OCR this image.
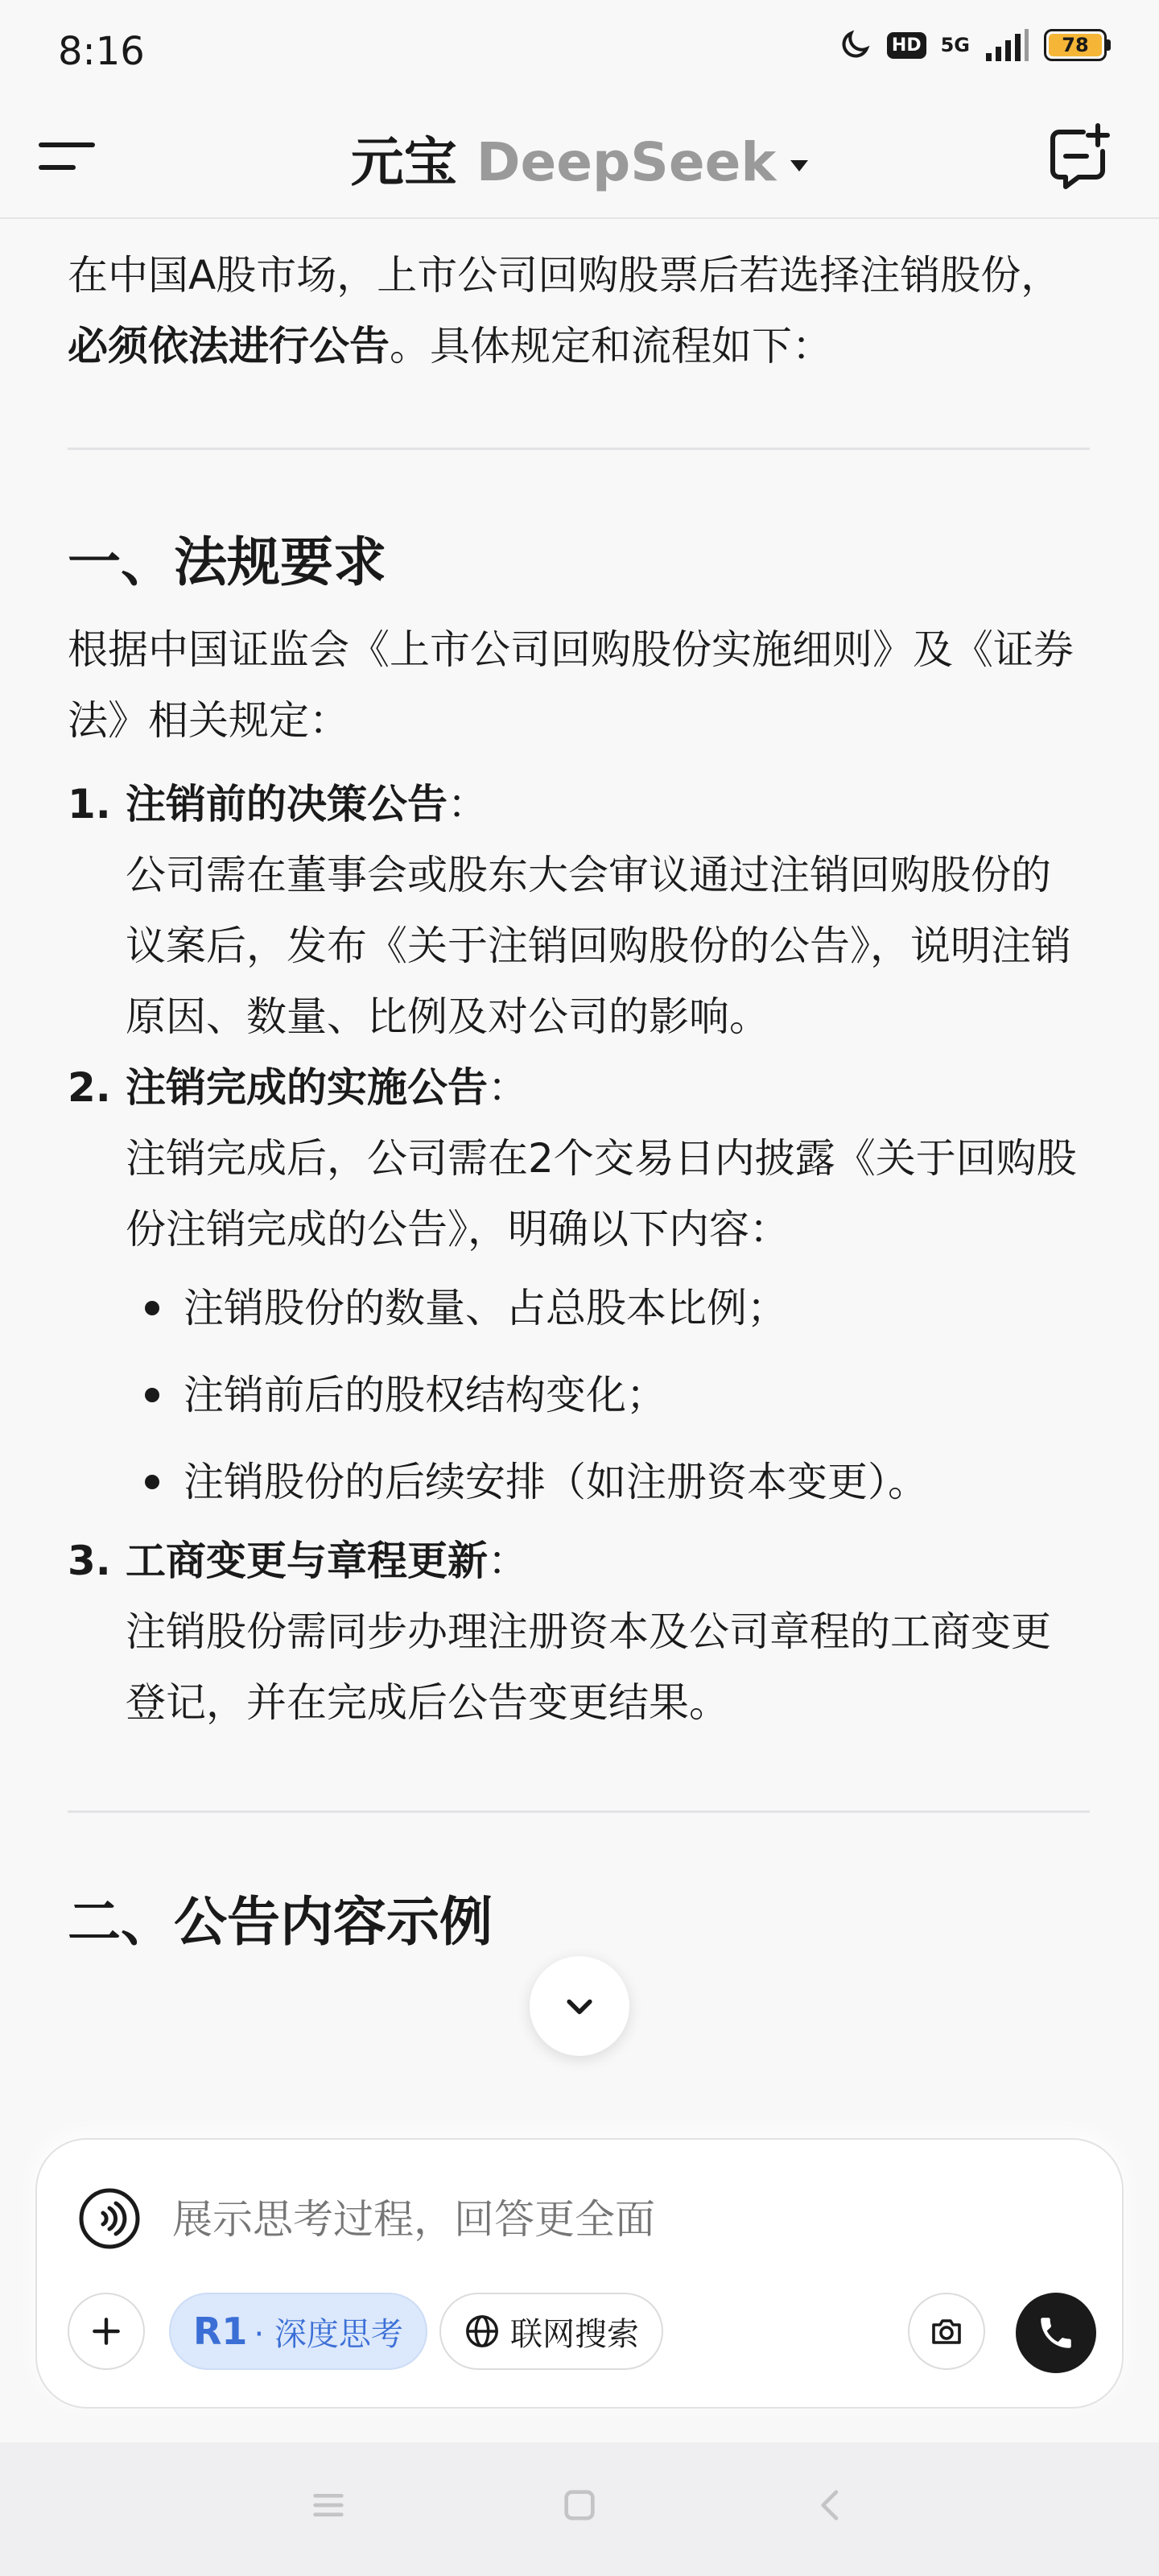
8:16	HD 5G	78
元宝 DeepSeek

在中国A股市场，上市公司回购股票后若选择注销股份，必须依法进行公告。具体规定和流程如下：

一、法规要求

根据中国证监会《上市公司回购股份实施细则》及《证券法》相关规定：

1. 注销前的决策公告：
公司需在董事会或股东大会审议通过注销回购股份的议案后，发布《关于注销回购股份的公告》，说明注销原因、数量、比例及对公司的影响。

2. 注销完成的实施公告：
注销完成后，公司需在2个交易日内披露《关于回购股份注销完成的公告》，明确以下内容：

注销股份的数量、占总股本比例；
注销前后的股权结构变化；
注销股份的后续安排（如注册资本变更）。
3. 工商变更与章程更新：
注销股份需同步办理注册资本及公司章程的工商变更登记，并在完成后公告变更结果。

二、公告内容示例
展示思考过程，回答更全面
R1 · 深度思考	联网搜索
